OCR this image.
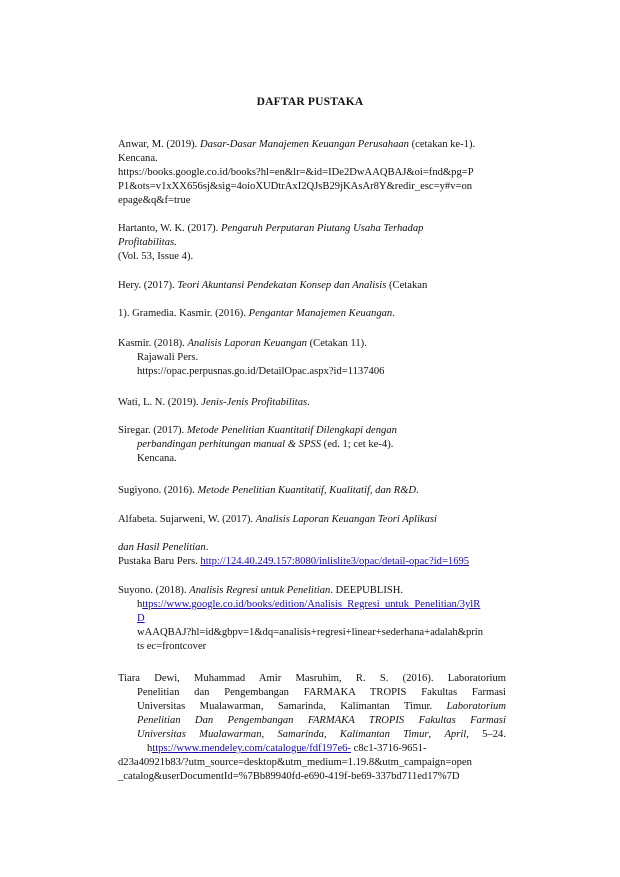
DAFTAR PUSTAKA
Anwar, M. (2019). Dasar-Dasar Manajemen Keuangan Perusahaan (cetakan ke-1).
Kencana.
https://books.google.co.id/books?hl=en&lr=&id=IDe2DwAAQBAJ&oi=fnd&pg=P
P1&ots=v1xXX656sj&sig=4oioXUDtrAxI2QJsB29jKAsAr8Y&redir_esc=y#v=on
epage&q&f=true
Hartanto, W. K. (2017). Pengaruh Perputaran Piutang Usaha Terhadap
Profitabilitas.
(Vol. 53, Issue 4).
Hery. (2017). Teori Akuntansi Pendekatan Konsep dan Analisis (Cetakan
1). Gramedia. Kasmir. (2016). Pengantar Manajemen Keuangan.
Kasmir. (2018). Analisis Laporan Keuangan (Cetakan 11).
Rajawali Pers.
https://opac.perpusnas.go.id/DetailOpac.aspx?id=1137406
Wati, L. N. (2019). Jenis-Jenis Profitabilitas.
Siregar. (2017). Metode Penelitian Kuantitatif Dilengkapi dengan
perbandingan perhitungan manual & SPSS (ed. 1; cet ke-4).
Kencana.
Sugiyono. (2016). Metode Penelitian Kuantitatif, Kualitatif, dan R&D.
Alfabeta. Sujarweni, W. (2017). Analisis Laporan Keuangan Teori Aplikasi
dan Hasil Penelitian.
Pustaka Baru Pers. http://124.40.249.157:8080/inlislite3/opac/detail-opac?id=1695
Suyono. (2018). Analisis Regresi untuk Penelitian. DEEPUBLISH.
https://www.google.co.id/books/edition/Analisis_Regresi_untuk_Penelitian/3ylR
D
wAAQBAJ?hl=id&gbpv=1&dq=analisis+regresi+linear+sederhana+adalah&prin
ts ec=frontcover
Tiara Dewi, Muhammad Amir Masruhim, R. S. (2016). Laboratorium
Penelitian dan Pengembangan FARMAKA TROPIS Fakultas Farmasi
Universitas Mualawarman, Samarinda, Kalimantan Timur. Laboratorium
Penelitian Dan Pengembangan FARMAKA TROPIS Fakultas Farmasi
Universitas Mualawarman, Samarinda, Kalimantan Timur, April, 5–24.
https://www.mendeley.com/catalogue/fdf197e6- c8c1-3716-9651-
d23a40921b83/?utm_source=desktop&utm_medium=1.19.8&utm_campaign=open
_catalog&userDocumentId=%7Bb89940fd-e690-419f-be69-337bd711ed17%7D
